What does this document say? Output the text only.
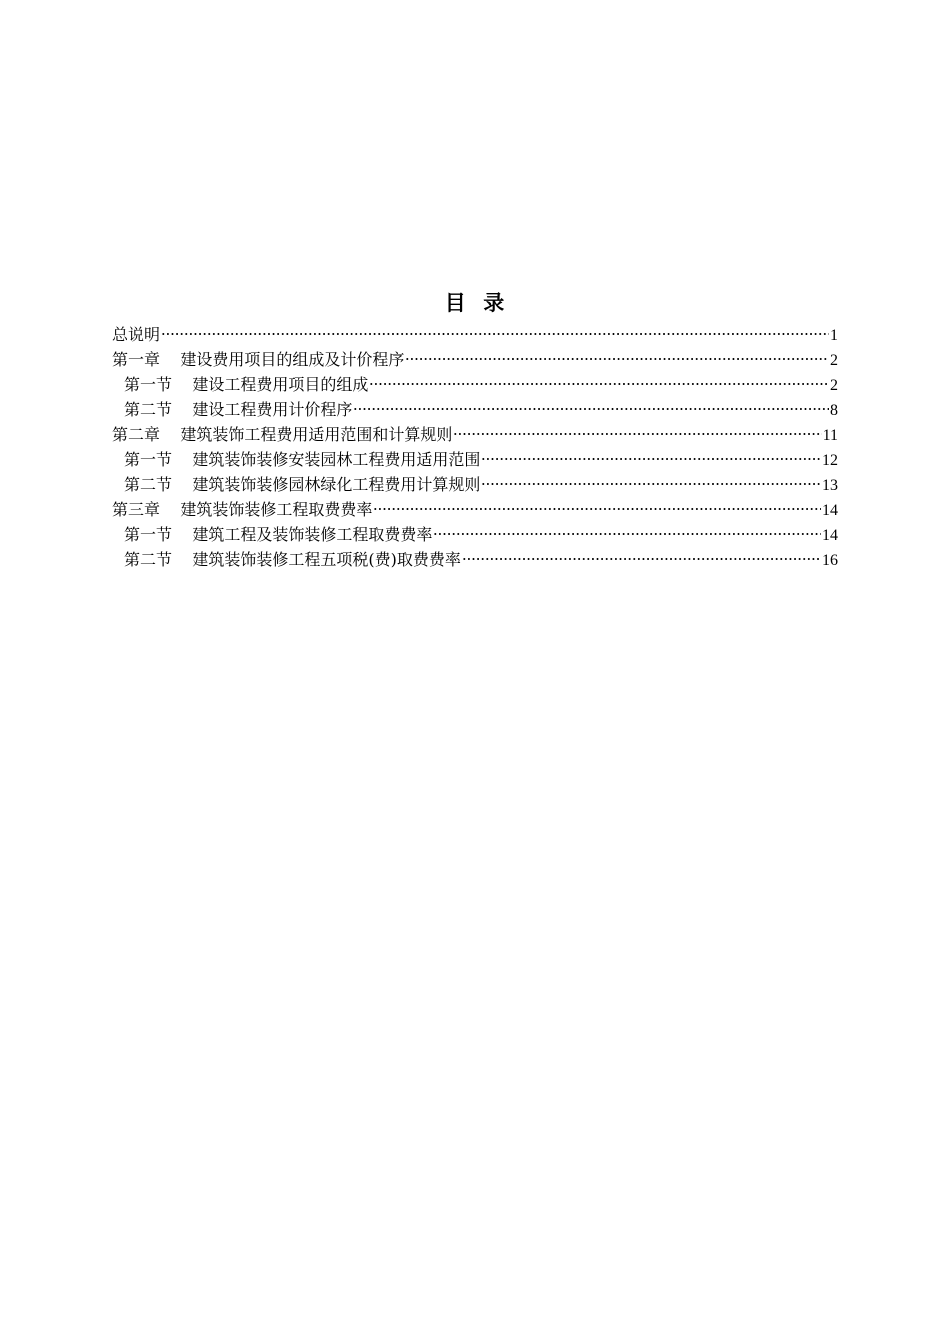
目  录
总说明	1
第一章    建设费用项目的组成及计价程序	2
第一节    建设工程费用项目的组成	2
第二节    建设工程费用计价程序	8
第二章    建筑装饰工程费用适用范围和计算规则	11
第一节    建筑装饰装修安装园林工程费用适用范围	12
第二节    建筑装饰装修园林绿化工程费用计算规则	13
第三章    建筑装饰装修工程取费费率	14
第一节    建筑工程及装饰装修工程取费费率	14
第二节    建筑装饰装修工程五项税(费)取费费率	16
